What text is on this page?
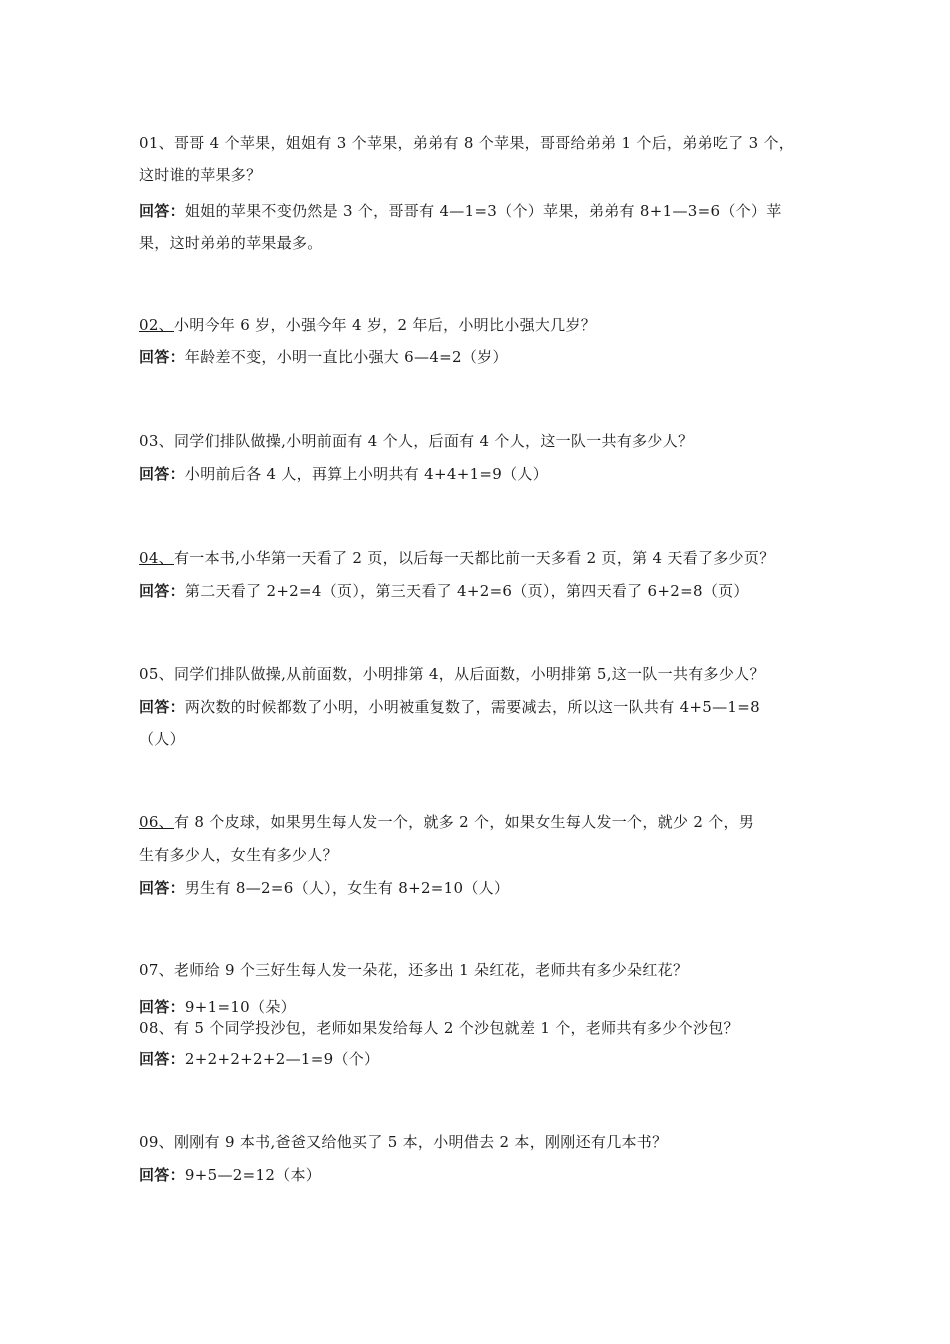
01、哥哥 4 个苹果，姐姐有 3 个苹果，弟弟有 8 个苹果，哥哥给弟弟 1 个后，弟弟吃了 3 个，
这时谁的苹果多？
回答：姐姐的苹果不变仍然是 3 个，哥哥有 4—1=3（个）苹果，弟弟有 8+1—3=6（个）苹
果，这时弟弟的苹果最多。
02、小明今年 6 岁，小强今年 4 岁，2 年后，小明比小强大几岁？
回答：年龄差不变，小明一直比小强大 6—4=2（岁）
03、同学们排队做操,小明前面有 4 个人，后面有 4 个人，这一队一共有多少人？
回答：小明前后各 4 人，再算上小明共有 4+4+1=9（人）
04、有一本书,小华第一天看了 2 页，以后每一天都比前一天多看 2 页，第 4 天看了多少页？
回答：第二天看了 2+2=4（页），第三天看了 4+2=6（页），第四天看了 6+2=8（页）
05、同学们排队做操,从前面数，小明排第 4，从后面数，小明排第 5,这一队一共有多少人？
回答：两次数的时候都数了小明，小明被重复数了，需要减去，所以这一队共有 4+5—1=8
（人）
06、有 8 个皮球，如果男生每人发一个，就多 2 个，如果女生每人发一个，就少 2 个，男
生有多少人，女生有多少人？
回答：男生有 8—2=6（人），女生有 8+2=10（人）
07、老师给 9 个三好生每人发一朵花，还多出 1 朵红花，老师共有多少朵红花？
回答：9+1=10（朵）
08、有 5 个同学投沙包，老师如果发给每人 2 个沙包就差 1 个，老师共有多少个沙包？
回答：2+2+2+2+2—1=9（个）
09、刚刚有 9 本书,爸爸又给他买了 5 本，小明借去 2 本，刚刚还有几本书？
回答：9+5—2=12（本）
